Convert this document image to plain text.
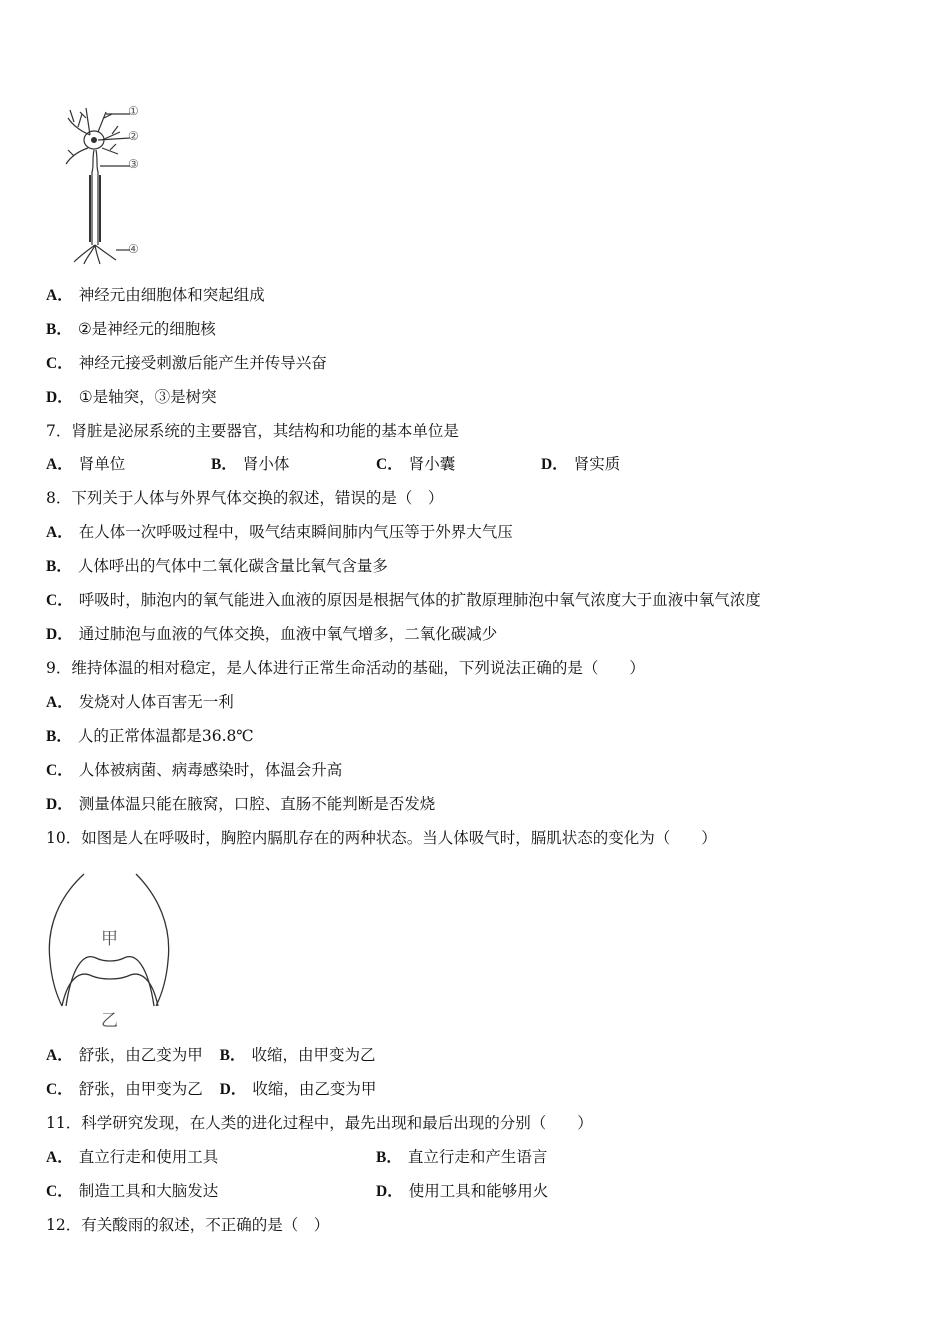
①
②
③
④
A． 神经元由细胞体和突起组成
B． ②是神经元的细胞核
C． 神经元接受刺激后能产生并传导兴奋
D． ①是轴突，③是树突
7．肾脏是泌尿系统的主要器官，其结构和功能的基本单位是
A． 肾单位	B． 肾小体	C． 肾小囊	D． 肾实质
8．下列关于人体与外界气体交换的叙述，错误的是（　）
A． 在人体一次呼吸过程中，吸气结束瞬间肺内气压等于外界大气压
B． 人体呼出的气体中二氧化碳含量比氧气含量多
C． 呼吸时，肺泡内的氧气能进入血液的原因是根据气体的扩散原理肺泡中氧气浓度大于血液中氧气浓度
D． 通过肺泡与血液的气体交换，血液中氧气增多，二氧化碳减少
9．维持体温的相对稳定，是人体进行正常生命活动的基础，下列说法正确的是（　　）
A． 发烧对人体百害无一利
B． 人的正常体温都是36.8℃
C． 人体被病菌、病毒感染时，体温会升高
D． 测量体温只能在腋窝，口腔、直肠不能判断是否发烧
10．如图是人在呼吸时，胸腔内膈肌存在的两种状态。当人体吸气时，膈肌状态的变化为（　　）
甲
乙
A． 舒张，由乙变为甲 B． 收缩，由甲变为乙
C． 舒张，由甲变为乙 D． 收缩，由乙变为甲
11．科学研究发现，在人类的进化过程中，最先出现和最后出现的分别（　　）
A． 直立行走和使用工具	B． 直立行走和产生语言
C． 制造工具和大脑发达	D． 使用工具和能够用火
12．有关酸雨的叙述，不正确的是（　）
